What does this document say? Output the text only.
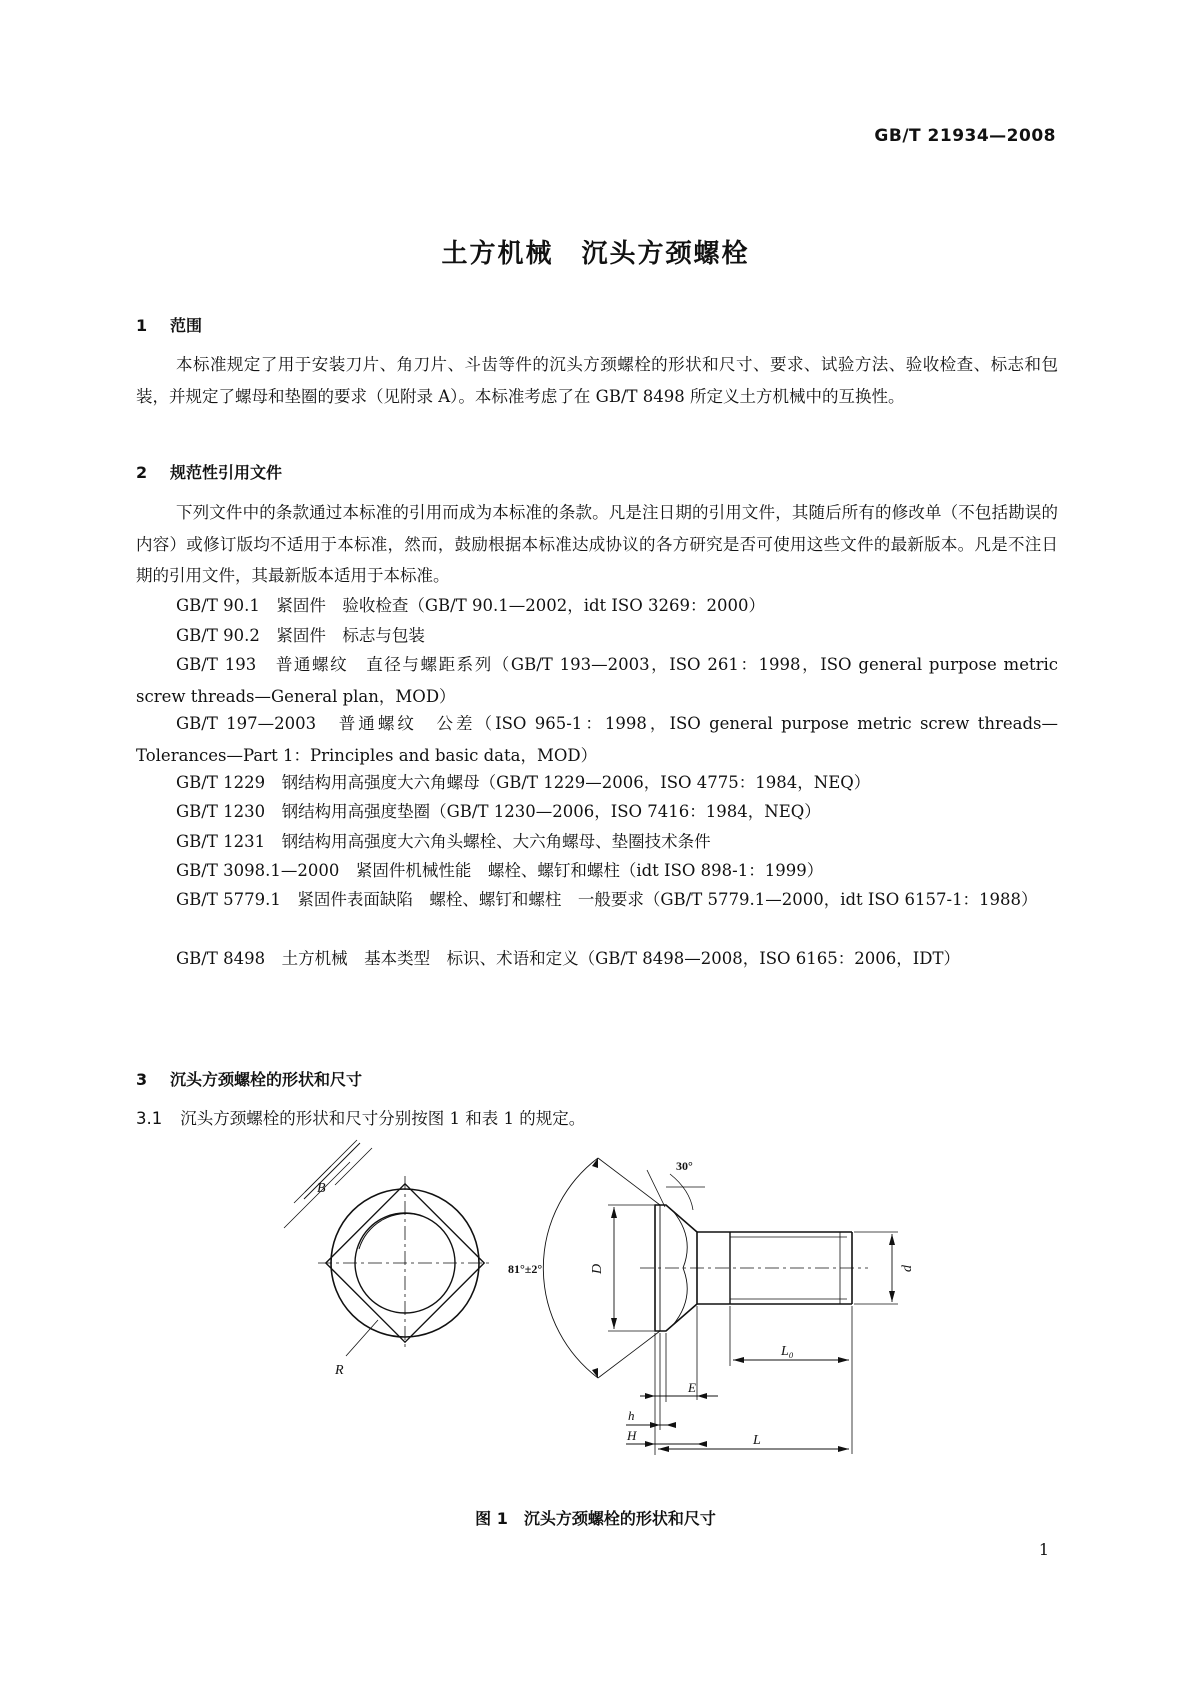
GB/T 21934—2008
土方机械　沉头方颈螺栓
1 范围
本标准规定了用于安装刀片、角刀片、斗齿等件的沉头方颈螺栓的形状和尺寸、要求、试验方法、验收检查、标志和包装，并规定了螺母和垫圈的要求（见附录 A）。本标准考虑了在 GB/T 8498 所定义土方机械中的互换性。
2 规范性引用文件
下列文件中的条款通过本标准的引用而成为本标准的条款。凡是注日期的引用文件，其随后所有的修改单（不包括勘误的内容）或修订版均不适用于本标准，然而，鼓励根据本标准达成协议的各方研究是否可使用这些文件的最新版本。凡是不注日期的引用文件，其最新版本适用于本标准。
GB/T 90.1　紧固件　验收检查（GB/T 90.1—2002，idt ISO 3269：2000）
GB/T 90.2　紧固件　标志与包装
GB/T 193　普通螺纹　直径与螺距系列（GB/T 193—2003，ISO 261：1998，ISO general purpose metric screw threads—General plan，MOD）
GB/T 197—2003　普通螺纹　公差（ISO 965-1：1998，ISO general purpose metric screw threads—Tolerances—Part 1：Principles and basic data，MOD）
GB/T 1229　钢结构用高强度大六角螺母（GB/T 1229—2006，ISO 4775：1984，NEQ）
GB/T 1230　钢结构用高强度垫圈（GB/T 1230—2006，ISO 7416：1984，NEQ）
GB/T 1231　钢结构用高强度大六角头螺栓、大六角螺母、垫圈技术条件
GB/T 3098.1—2000　紧固件机械性能　螺栓、螺钉和螺柱（idt ISO 898-1：1999）
GB/T 5779.1　紧固件表面缺陷　螺栓、螺钉和螺柱　一般要求（GB/T 5779.1—2000，idt ISO 6157-1：1988）
GB/T 8498　土方机械　基本类型　标识、术语和定义（GB/T 8498—2008，ISO 6165：2006，IDT）
3 沉头方颈螺栓的形状和尺寸
3.1 沉头方颈螺栓的形状和尺寸分别按图 1 和表 1 的规定。
B
R
D	d
81°±2°
30°
L₀
E
h
H	L
图 1　沉头方颈螺栓的形状和尺寸
1
